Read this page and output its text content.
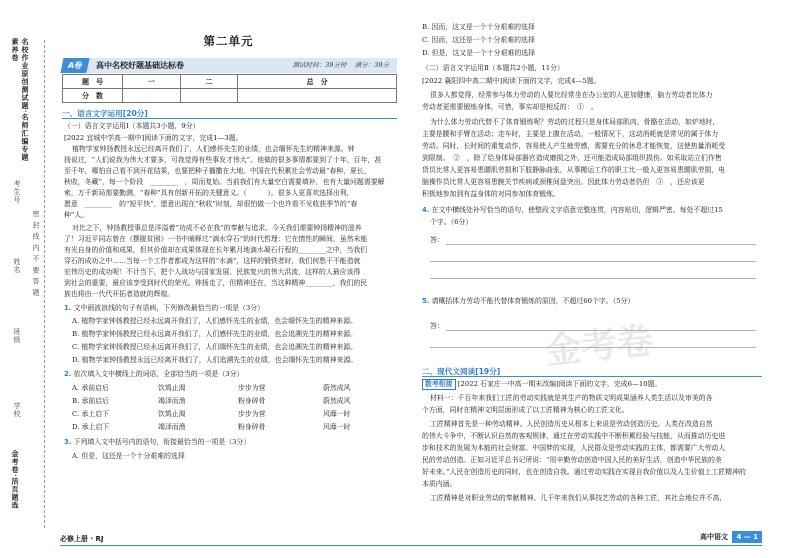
名校作业原创测试题·名师汇编专题素养卷
考生号
姓名
班级
学校
密 封 线 内 不 要 答 题
金考卷·活页题选
第二单元
A卷	高中名校好题基础达标卷	测试时间：39分钟 满分：39分
题　号	一	二	总　分
分　数			
一、语言文字运用[20分]
（一）语言文字运用Ⅰ（本题共3小题，9分）
[2022 宜城中学高一期中]阅读下面的文字，完成1—3题。
植物学家钟扬教授永远已经离开我们了，人们感怀先生的业绩，也会缅怀先生的精神来源。钟
扬说过，“人们说我为伟大才要多，可我觉得有些事发才伟大”。他做的很多事情都要到了十年、百年，甚
至千年，哪怕自己看不到开花结果，也要把种子播撒在大地。中国在代积累社会劳动最“春种，夏长，
秋收，冬藏”，每一个阶段　________　，周而复始。当前我们有大量空白需要填补，也有大量问题需要解
索，万千新局需要勤测，“春种”具有创新开拓的关键意义。（　　　）。很多人更喜欢选择出利，
愿意　________　的“短平快”，愿意出现在“秋收”时刻，却很怕做一个也许看不见收获季节的“春
种”人。
对比之下，钟扬教授事总是洋溢着“功成不必在我”的奉献与追求。今天我们需要钟扬精神的滋养
了！习近平同志曾在《摆脱贫困》一书中阐释过“滴水穿石”的时代哲理：它在惰性的瞬间，虽然未能
有光自身的价值和成果，但其价值却在成果体现在长年累月地滴水凝石行程的________之中，当我们
穿石的成功之中……当每一个工作者都成为这样的“水滴”，这样的锻铁者时，我们何愁干不能造就
宏伟历史的成功呢！不计当下，把个人战功与国家发展、民族复兴的伟大洪流，这样的人最应该得
到社会的重要，最应该享受到时代的荣光。钟扬走了，但精神还在，当这种精神________，我们的民
族也将由一代代开拓者造就的辉煌。
1. 文中画波浪线的句子有语病，下列修改最恰当的一项是（3分）
A. 植物学家钟扬教授已经永远离开我们了，人们感怀先生的业绩，也会缅怀先生的精神来源。
B. 植物学家钟扬教授已经永远离开我们了，人们感怀先生的业绩，也会追溯先生的精神来源。
C. 植物学家钟扬教授已经永远离开我们了，人们缅怀先生的业绩，也会追溯先生的精神来源。
D. 植物学家钟扬教授永远已经离开我们了，人们追溯先生的业绩，也会缅怀先生的精神来源。
2. 依次填入文中横线上的词语，全部恰当的一项是（3分）
A. 承前启后	饮鸩止渴	步步为营	蔚然成风
B. 承前启后	竭泽而渔	粉身碎骨	蔚然成风
C. 承上启下	饮鸩止渴	步步为营	风靡一时
D. 承上启下	竭泽而渔	粉身碎骨	风靡一时
3. 下列填入文中括号内的语句，衔接最恰当的一项是（3分）
A. 但是，这还是一个十分艰难的选择
B. 因而，这又是一个十分艰难的选择
C. 因而，这还是一个十分艰难的选择
D. 但是，这又是一个十分艰难的选择
（二）语言文字运用Ⅱ（本题共2小题，11分）
[2022 襄阳四中高二期中]阅读下面的文字，完成4—5题。
很多人都觉得，经常参与体力劳动的人要比经常坐在办公室的人更加健康，脑力劳动者比体力
劳动者更需要锻炼身体，可惜，事实却是相反的：　①　。
为什么体力劳动代替不了体育锻炼呢？劳动的过程只是身体局部肌肉，骨骼在活动，如炉地时，
主要是腰和手臂在活动；走车时，主要是上腹在活动。一般情况下，这动消耗就是常见的属于体力
劳动。同时，长时间的重复动作，容易使人产生疲劳感，需要充分的休息才能恢复，这使热量消耗受
到限制。　②　，除了给身体局部器官造成磨损之外，还可能造成局部组织损伤。如采取站立们作售
货员比常人更容易患腰肌劳损和下肢静脉曲张，从事搬运工作的职工比一般人更容易患腰肌劳损，电
脑操作员比常人更容易患腕关节疾病或颈椎间盘突出。因此体力劳动者仍但　③　，还应该更
积极地参加到有益身体的对同参加体育锻炼。
4. 在文中横线处补写恰当的语句，使整段文字语意完整连贯，内容贴切，逻辑严密。每处不超过15
个字。（6分）
答：
5. 请概括体力劳动不能代替体育锻炼的原因，不超过60个字。（5分）
答：	金考卷
二、现代文阅读[19分]
数考衔接 [2022 石家庄一中高一期末改编]阅读下面的文字，完成6—10题。
材料一：千百年来我们工匠的劳动实践就是其生产的物质文明成果涵养人类生活以及审美的各
个方面，同时在精神文明层面形成了以工匠精神为核心的工匠文化。
工匠精神首先是一种劳动精神。人民创造历史从根本上来说是劳动创造历史。人类在改造自然
的伟大斗争中，不断认识自然的客观规律，通过在劳动实践中不断积累经验与技能，从而推动历史进
步和技术的发展为本能的社会财富。中国梦的实现，人民群众是劳动实践的主体，都需要广大劳动人
民的劳动创造。正如习近平总书记所说：“用辛勤劳动创造中国人民的美好生活，创造中华民族的美
好未来。”人民在创造历史的同时，也在创造自我。通过劳动实践在实现自我价值以及人生价值上工匠精神的
本质内涵。
工匠精神是对职业劳动的奉献精神。几千年来我们从事技艺劳动的各种工匠，其社会地位并不高，
必修上册 · RJ	高中语文 4 — 1
